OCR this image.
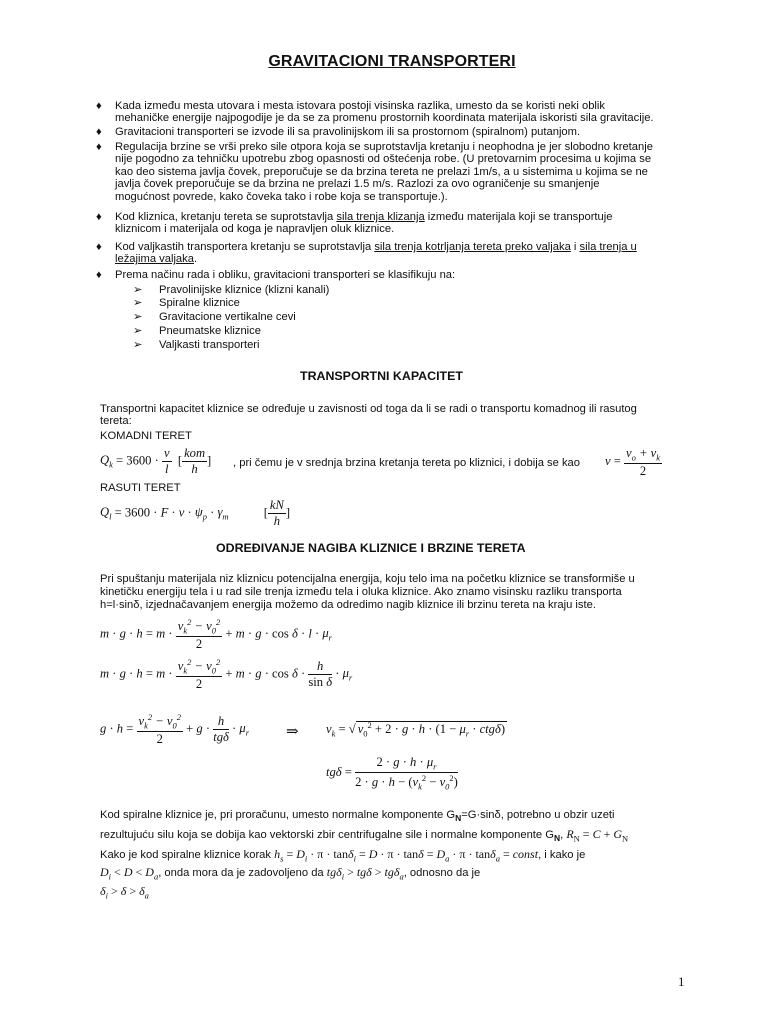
GRAVITACIONI TRANSPORTERI
♦ Kada između mesta utovara i mesta istovara postoji visinska razlika, umesto da se koristi neki oblik
mehaničke energije najpogodije je da se za promenu prostornih koordinata materijala iskoristi sila gravitacije.
♦ Gravitacioni transporteri se izvode ili sa pravolinijskom ili sa prostornom (spiralnom) putanjom.
♦ Regulacija brzine se vrši preko sile otpora koja se suprotstavlja kretanju i neophodna je jer slobodno kretanje
nije pogodno za tehničku upotrebu zbog opasnosti od oštećenja robe. (U pretovarnim procesima u kojima se
kao deo sistema javlja čovek, preporučuje se da brzina tereta ne prelazi 1m/s, a u sistemima u kojima se ne
javlja čovek preporučuje se da brzina ne prelazi 1.5 m/s. Razlozi za ovo ograničenje su smanjenje
mogućnost povrede, kako čoveka tako i robe koja se transportuje.).
♦ Kod kliznica, kretanju tereta se suprotstavlja sila trenja klizanja između materijala koji se transportuje
kliznicom i materijala od koga je napravljen oluk kliznice.
♦ Kod valjkastih transportera kretanju se suprotstavlja sila trenja kotrljanja tereta preko valjaka i sila trenja u
ležajima valjaka.
♦ Prema načinu rada i obliku, gravitacioni transporteri se klasifikuju na:
➢ Pravolinijske kliznice (klizni kanali)
➢ Spiralne kliznice
➢ Gravitacione vertikalne cevi
➢ Pneumatske kliznice
➢ Valjkasti transporteri
TRANSPORTNI KAPACITET
Transportni kapacitet kliznice se određuje u zavisnosti od toga da li se radi o transportu komadnog ili rasutog
tereta:
KOMADNI TERET
$Q_k = 3600 \cdot \frac{v}{l}$ [ $\frac{\text{kom}}{h}$ ] , pri čemu je v srednja brzina kretanja tereta po kliznici, i dobija se kao $v = \frac{v_o + v_k}{2}$
RASUTI TERET
$Q_l = 3600 \cdot F \cdot v \cdot \psi_p \cdot \gamma_m$	[ $\frac{kN}{h}$ ]
ODREĐIVANJE NAGIBA KLIZNICE I BRZINE TERETA
Pri spuštanju materijala niz kliznicu potencijalna energija, koju telo ima na početku kliznice se transformiše u
kinetičku energiju tela i u rad sile trenja između tela i oluka kliznice. Ako znamo visinsku razliku transporta
h=l·sinδ, izjednačavanjem energija možemo da odredimo nagib kliznice ili brzinu tereta na kraju iste.
$m \cdot g \cdot h = m \cdot \frac{v_k^2 - v_0^2}{2} + m \cdot g \cdot \cos \delta \cdot l \cdot \mu_r$
$m \cdot g \cdot h = m \cdot \frac{v_k^2 - v_0^2}{2} + m \cdot g \cdot \cos \delta \cdot \frac{h}{\text{sin δ}} \cdot \mu_r$
$g \cdot h = \frac{v_k^2 - v_0^2}{2} + g \cdot \frac{h}{\text{tgδ}} \cdot \mu_r$ ⇒ $v_k$ = √ $v_0^2 + 2 \cdot g \cdot h \cdot (1 - \mu_r \cdot ctg\delta)$
$tg\delta = \frac{2 \cdot g \cdot h \cdot \mu_r}{2 \cdot g \cdot h - (v_k^2 - v_0^2)}$
Kod spiralne kliznice je, pri proračunu, umesto normalne komponente $G_N=G\cdot\sin\delta$, potrebno u obzir uzeti
rezultujuću silu koja se dobija kao vektorski zbir centrifugalne sile i normalne komponente $G_N$, $R_N = C + G_N$
Kako je kod spiralne kliznice korak $h_s = D_i \cdot \pi \cdot \tan\delta_i = D \cdot \pi \cdot \tan\delta = D_a \cdot \pi \cdot \tan\delta_a$ = const, i kako je
$D_i < D < D_a$, onda mora da je zadovoljeno da tgδ$_i$ > tgδ > tgδ$_a$, odnosno da je
$\delta_i > \delta > \delta_a$
1
